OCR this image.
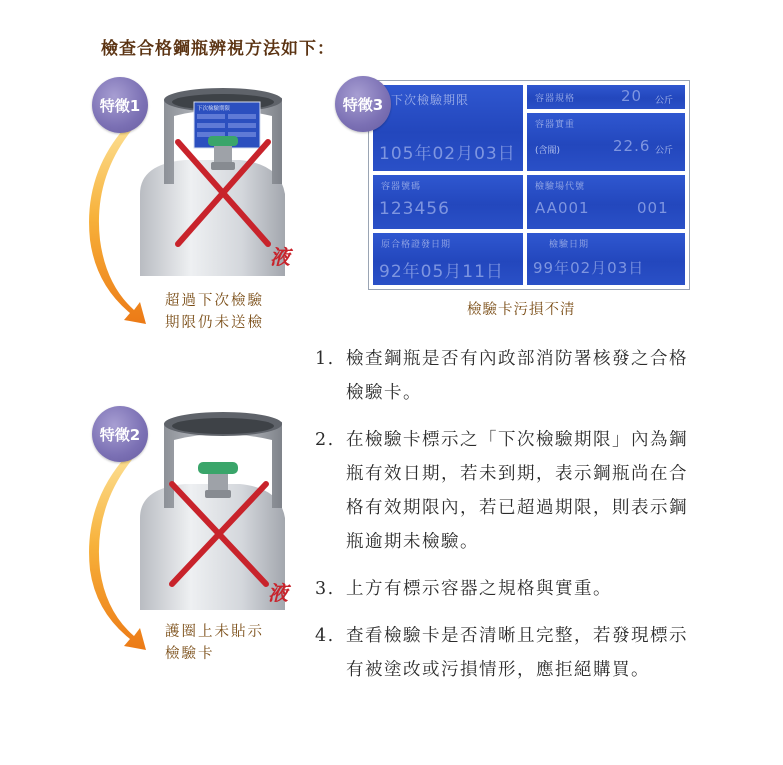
檢查合格鋼瓶辨視方法如下：
下次檢驗期限
液
特徵1
超過下次檢驗
期限仍未送檢
液
特徵2
護圈上未貼示
檢驗卡
下次檢驗期限
105年02月03日
容器號碼
123456
原合格證發日期
92年05月11日
容器規格	20 公斤
容器實重
(含閥)	22.6 公斤
檢驗場代號
AA001	001
檢驗日期
99年02月03日
特徵3
檢驗卡污損不清
1. 檢查鋼瓶是否有內政部消防署核發之合格檢驗卡。
2. 在檢驗卡標示之「下次檢驗期限」內為鋼瓶有效日期，若未到期，表示鋼瓶尚在合格有效期限內，若已超過期限，則表示鋼瓶逾期未檢驗。
3. 上方有標示容器之規格與實重。
4. 查看檢驗卡是否清晰且完整，若發現標示有被塗改或污損情形，應拒絕購買。
